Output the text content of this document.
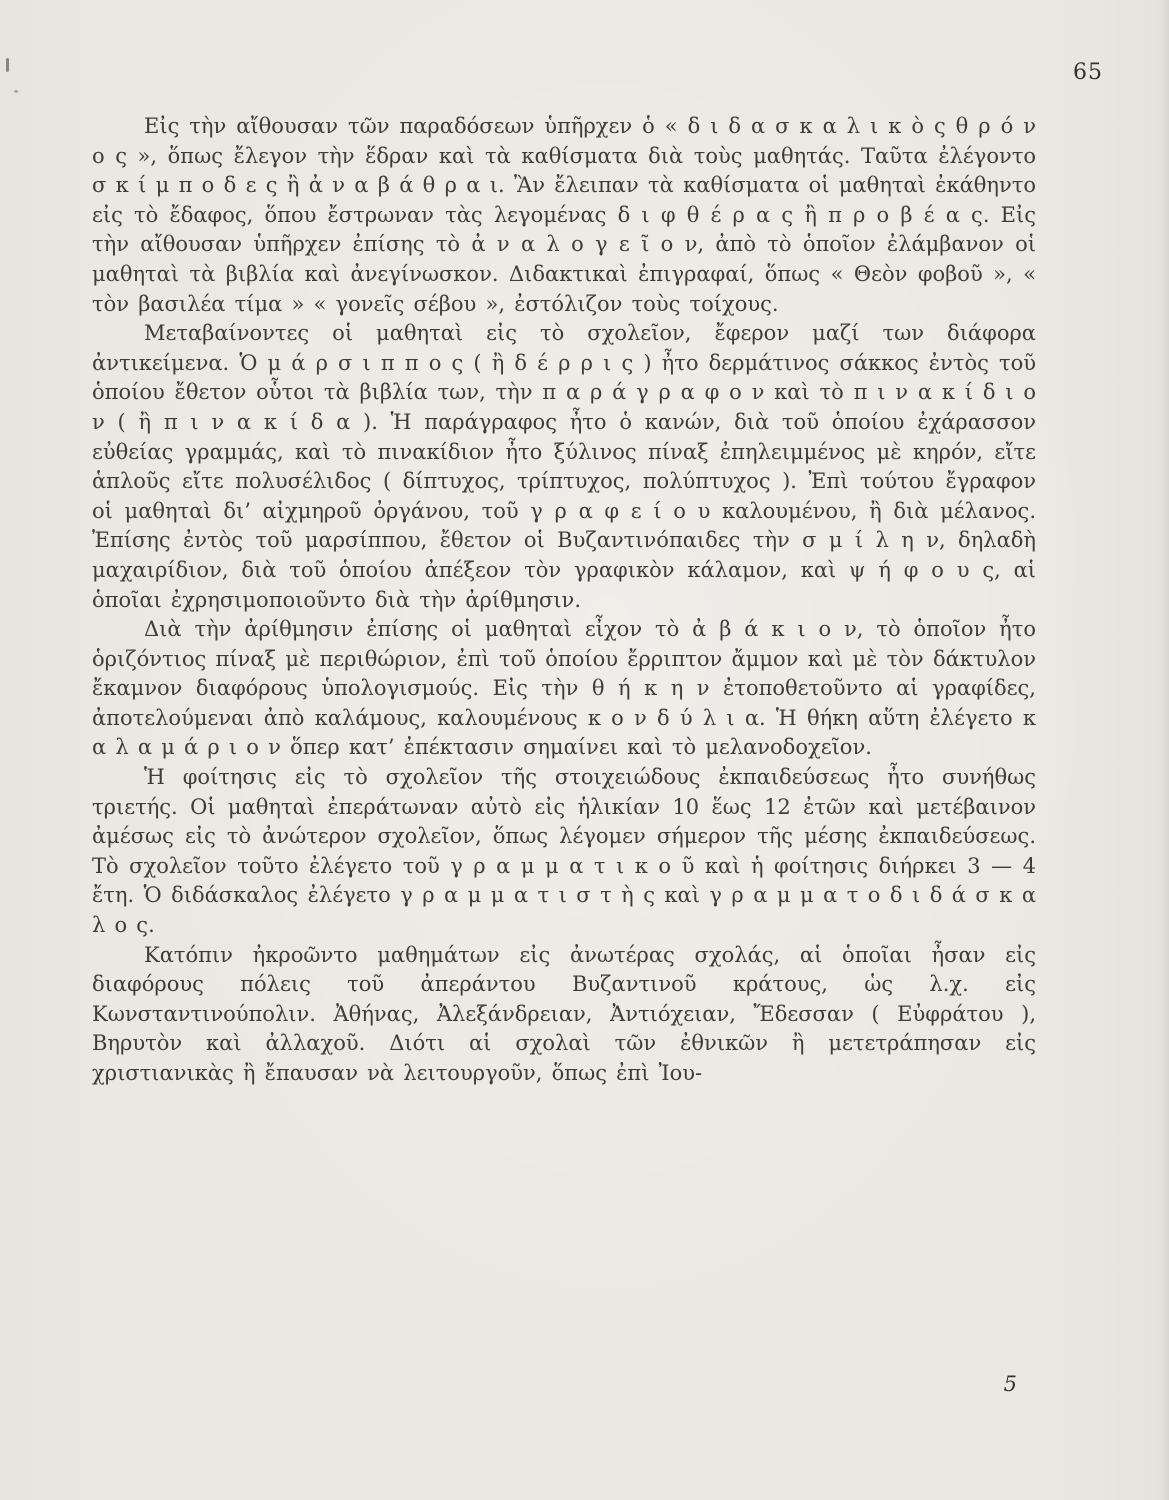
65

Εἰς τὴν αἴθουσαν τῶν παραδόσεων ὑπῆρχεν ὁ « δ ι δ α σ κ α λ ι κ ὸ ς θ ρ ό ν ο ς », ὅπως ἔλεγον τὴν ἕδραν καὶ τὰ καθίσματα διὰ τοὺς μαθητάς. Ταῦτα ἐλέγοντο σ κ ί μ π ο δ ε ς ἢ ἀ ν α β ά θ ρ α ι. Ἂν ἔλειπαν τὰ καθίσματα οἱ μαθηταὶ ἐκάθηντο εἰς τὸ ἔδαφος, ὅπου ἔστρωναν τὰς λεγομένας δ ι φ θ έ ρ α ς ἢ π ρ ο β έ α ς. Εἰς τὴν αἴθουσαν ὑπῆρχεν ἐπίσης τὸ ἀ ν α λ ο γ ε ῖ ο ν, ἀπὸ τὸ ὁποῖον ἐλάμβανον οἱ μαθηταὶ τὰ βιβλία καὶ ἀνεγίνωσκον. Διδακτικαὶ ἐπιγραφαί, ὅπως « Θεὸν φοβοῦ », « τὸν βασιλέα τίμα » « γονεῖς σέβου », ἐστόλιζον τοὺς τοίχους.

Μεταβαίνοντες οἱ μαθηταὶ εἰς τὸ σχολεῖον, ἔφερον μαζί των διάφορα ἀντικείμενα. Ὁ μ ά ρ σ ι π π ο ς ( ἢ δ έ ρ ρ ι ς ) ἦτο δερμάτινος σάκκος ἐντὸς τοῦ ὁποίου ἔθετον οὗτοι τὰ βιβλία των, τὴν π α ρ ά γ ρ α φ ο ν καὶ τὸ π ι ν α κ ί δ ι ο ν ( ἢ π ι ν α κ ί δ α ). Ἡ παράγραφος ἦτο ὁ κανών, διὰ τοῦ ὁποίου ἐχάρασσον εὐθείας γραμμάς, καὶ τὸ πινακίδιον ἦτο ξύλινος πίναξ ἐπηλειμμένος μὲ κηρόν, εἴτε ἁπλοῦς εἴτε πολυσέλιδος ( δίπτυχος, τρίπτυχος, πολύπτυχος ). Ἐπὶ τούτου ἔγραφον οἱ μαθηταὶ δι’ αἰχμηροῦ ὀργάνου, τοῦ γ ρ α φ ε ί ο υ καλουμένου, ἢ διὰ μέλανος. Ἐπίσης ἐντὸς τοῦ μαρσίππου, ἔθετον οἱ Βυζαντινόπαιδες τὴν σ μ ί λ η ν, δηλαδὴ μαχαιρίδιον, διὰ τοῦ ὁποίου ἀπέξεον τὸν γραφικὸν κάλαμον, καὶ ψ ή φ ο υ ς, αἱ ὁποῖαι ἐχρησιμοποιοῦντο διὰ τὴν ἀρίθμησιν.

Διὰ τὴν ἀρίθμησιν ἐπίσης οἱ μαθηταὶ εἶχον τὸ ἀ β ά κ ι ο ν, τὸ ὁποῖον ἦτο ὁριζόντιος πίναξ μὲ περιθώριον, ἐπὶ τοῦ ὁποίου ἔρριπτον ἄμμον καὶ μὲ τὸν δάκτυλον ἔκαμνον διαφόρους ὑπολογισμούς. Εἰς τὴν θ ή κ η ν ἐτοποθετοῦντο αἱ γραφίδες, ἀποτελούμεναι ἀπὸ καλάμους, καλουμένους κ ο ν δ ύ λ ι α. Ἡ θήκη αὕτη ἐλέγετο κ α λ α μ ά ρ ι ο ν ὅπερ κατ’ ἐπέκτασιν σημαίνει καὶ τὸ μελανοδοχεῖον.

Ἡ φοίτησις εἰς τὸ σχολεῖον τῆς στοιχειώδους ἐκπαιδεύσεως ἦτο συνήθως τριετής. Οἱ μαθηταὶ ἐπεράτωναν αὐτὸ εἰς ἡλικίαν 10 ἕως 12 ἐτῶν καὶ μετέβαινον ἀμέσως εἰς τὸ ἀνώτερον σχολεῖον, ὅπως λέγομεν σήμερον τῆς μέσης ἐκπαιδεύσεως. Τὸ σχολεῖον τοῦτο ἐλέγετο τοῦ γ ρ α μ μ α τ ι κ ο ῦ καὶ ἡ φοίτησις διήρκει 3 — 4 ἔτη. Ὁ διδάσκαλος ἐλέγετο γ ρ α μ μ α τ ι σ τ ὴ ς καὶ γ ρ α μ μ α τ ο δ ι δ ά σ κ α λ ο ς.

Κατόπιν ἠκροῶντο μαθημάτων εἰς ἀνωτέρας σχολάς, αἱ ὁποῖαι ἦσαν εἰς διαφόρους πόλεις τοῦ ἀπεράντου Βυζαντινοῦ κράτους, ὡς λ.χ. εἰς Κωνσταντινούπολιν. Ἀθήνας, Ἀλεξάνδρειαν, Ἀντιόχειαν, Ἔδεσσαν ( Εὐφράτου ), Βηρυτὸν καὶ ἀλλαχοῦ. Διότι αἱ σχολαὶ τῶν ἐθνικῶν ἢ μετετράπησαν εἰς χριστιανικὰς ἢ ἔπαυσαν νὰ λειτουργοῦν, ὅπως ἐπὶ Ἰου-

5
